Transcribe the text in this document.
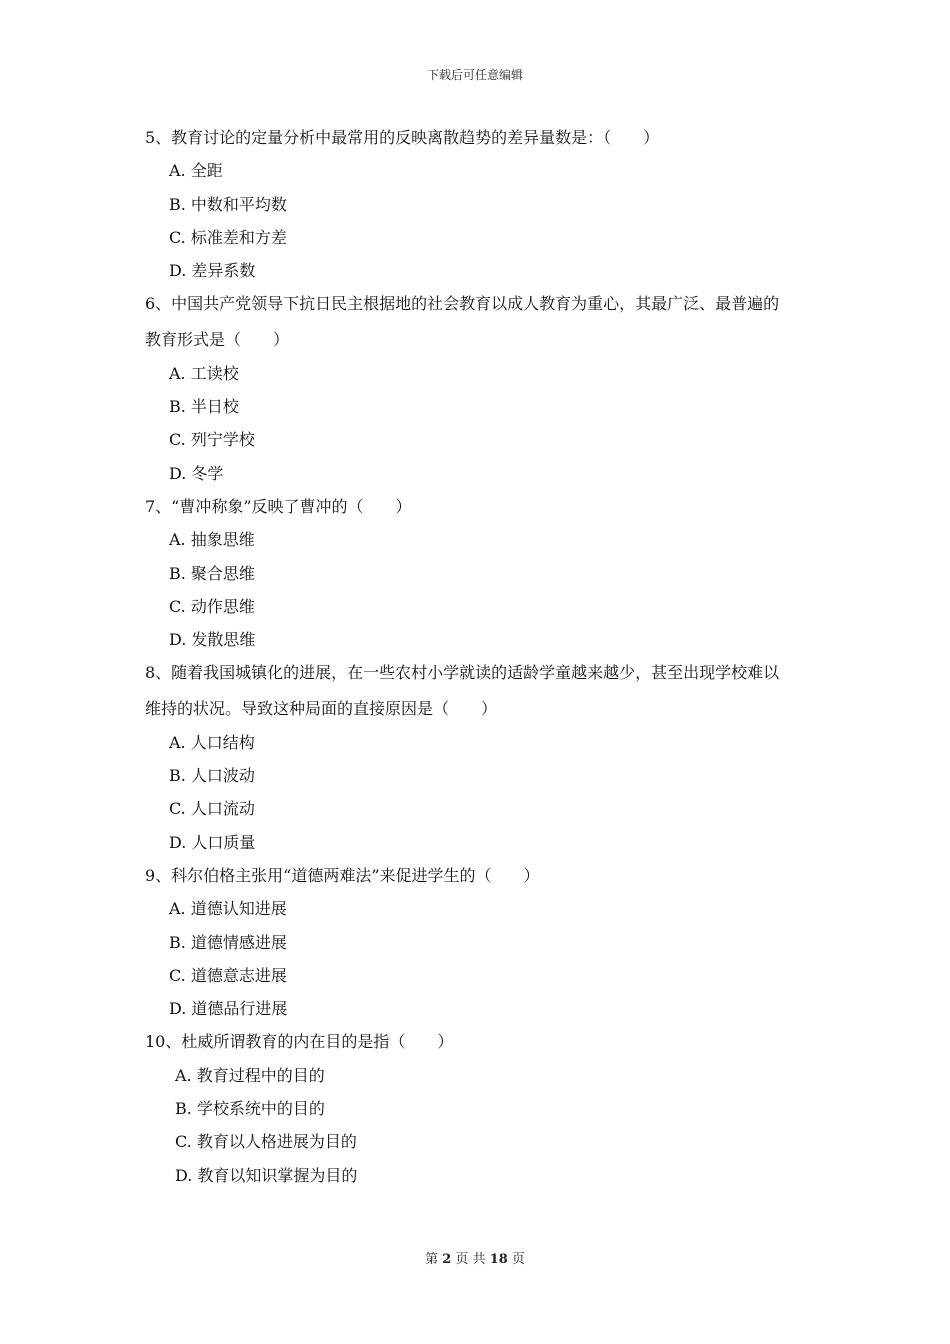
下载后可任意编辑
5、教育讨论的定量分析中最常用的反映离散趋势的差异量数是：（　　）
A. 全距
B. 中数和平均数
C. 标准差和方差
D. 差异系数
6、中国共产党领导下抗日民主根据地的社会教育以成人教育为重心，其最广泛、最普遍的
教育形式是（　　）
A. 工读校
B. 半日校
C. 列宁学校
D. 冬学
7、“曹冲称象”反映了曹冲的（　　）
A. 抽象思维
B. 聚合思维
C. 动作思维
D. 发散思维
8、随着我国城镇化的进展，在一些农村小学就读的适龄学童越来越少，甚至出现学校难以
维持的状况。导致这种局面的直接原因是（　　）
A. 人口结构
B. 人口波动
C. 人口流动
D. 人口质量
9、科尔伯格主张用“道德两难法”来促进学生的（　　）
A. 道德认知进展
B. 道德情感进展
C. 道德意志进展
D. 道德品行进展
10、杜威所谓教育的内在目的是指（　　）
A. 教育过程中的目的
B. 学校系统中的目的
C. 教育以人格进展为目的
D. 教育以知识掌握为目的
第 2 页 共 18 页
